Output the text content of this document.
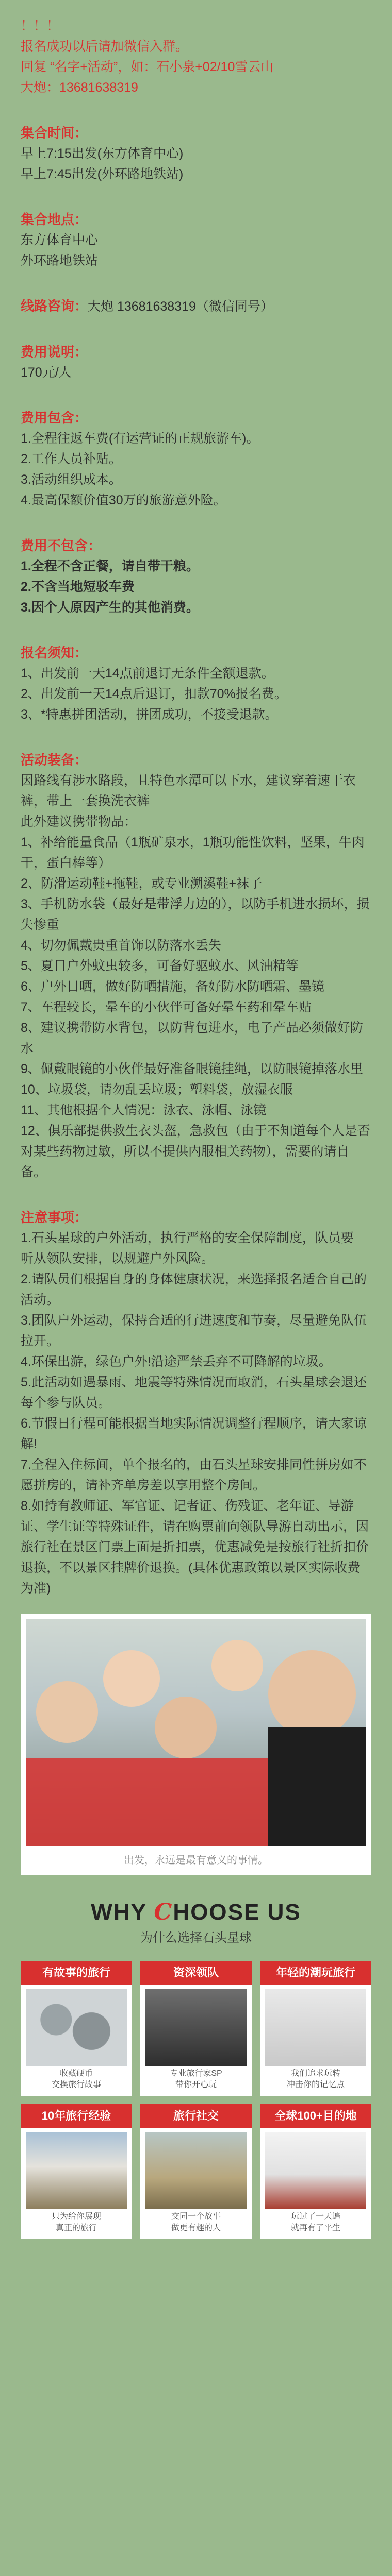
！！！

报名成功以后请加微信入群。

回复 “名字+活动”，如：石小泉+02/10雪云山

大炮：13681638319

集合时间：

早上7:15出发(东方体育中心)

早上7:45出发(外环路地铁站)

集合地点：

东方体育中心

外环路地铁站

线路咨询：大炮 13681638319（微信同号）

费用说明：

170元/人

费用包含：

1.全程往返车费(有运营证的正规旅游车)。

2.工作人员补贴。

3.活动组织成本。

4.最高保额价值30万的旅游意外险。

费用不包含：

1.全程不含正餐，请自带干粮。

2.不含当地短驳车费

3.因个人原因产生的其他消费。

报名须知：

1、出发前一天14点前退订无条件全额退款。

2、出发前一天14点后退订，扣款70%报名费。

3、*特惠拼团活动，拼团成功，不接受退款。

活动装备：

因路线有涉水路段，且特色水潭可以下水，建议穿着速干衣裤，带上一套换洗衣裤

此外建议携带物品：

1、补给能量食品（1瓶矿泉水，1瓶功能性饮料，坚果，牛肉干，蛋白棒等）

2、防滑运动鞋+拖鞋，或专业溯溪鞋+袜子

3、手机防水袋（最好是带浮力边的），以防手机进水损坏，损失惨重

4、切勿佩戴贵重首饰以防落水丢失

5、夏日户外蚊虫较多，可备好驱蚊水、风油精等

6、户外日晒，做好防晒措施，备好防水防晒霜、墨镜

7、车程较长，晕车的小伙伴可备好晕车药和晕车贴

8、建议携带防水背包，以防背包进水，电子产品必须做好防水

9、佩戴眼镜的小伙伴最好准备眼镜挂绳，以防眼镜掉落水里

10、垃圾袋，请勿乱丢垃圾；塑料袋，放湿衣服

11、其他根据个人情况：泳衣、泳帽、泳镜

12、俱乐部提供救生衣头盔，急救包（由于不知道每个人是否对某些药物过敏，所以不提供内服相关药物），需要的请自备。

注意事项：

1.石头星球的户外活动，执行严格的安全保障制度，队员要

听从领队安排，以规避户外风险。

2.请队员们根据自身的身体健康状况，来选择报名适合自己的活动。

3.团队户外运动，保持合适的行进速度和节奏，尽量避免队伍拉开。

4.环保出游，绿色户外!沿途严禁丢弃不可降解的垃圾。

5.此活动如遇暴雨、地震等特殊情况而取消，石头星球会退还每个参与队员。

6.节假日行程可能根据当地实际情况调整行程顺序，请大家谅解!

7.全程入住标间，单个报名的，由石头星球安排同性拼房如不愿拼房的，请补齐单房差以享用整个房间。

8.如持有教师证、军官证、记者证、伤残证、老年证、导游证、学生证等特殊证件，请在购票前向领队导游自动出示，因旅行社在景区门票上面是折扣票，优惠减免是按旅行社折扣价退换，不以景区挂牌价退换。(具体优惠政策以景区实际收费为准)

出发，永远是最有意义的事情。
WHY CHOOSE US
为什么选择石头星球
有故事的旅行
收藏硬币
交换旅行故事
资深领队
专业旅行家SP
带你开心玩
年轻的潮玩旅行
我们追求玩转
冲击你的记忆点
10年旅行经验
只为给你展现
真正的旅行
旅行社交
交同一个故事
做更有趣的人
全球100+目的地
玩过了一天遍
就再有了平生
